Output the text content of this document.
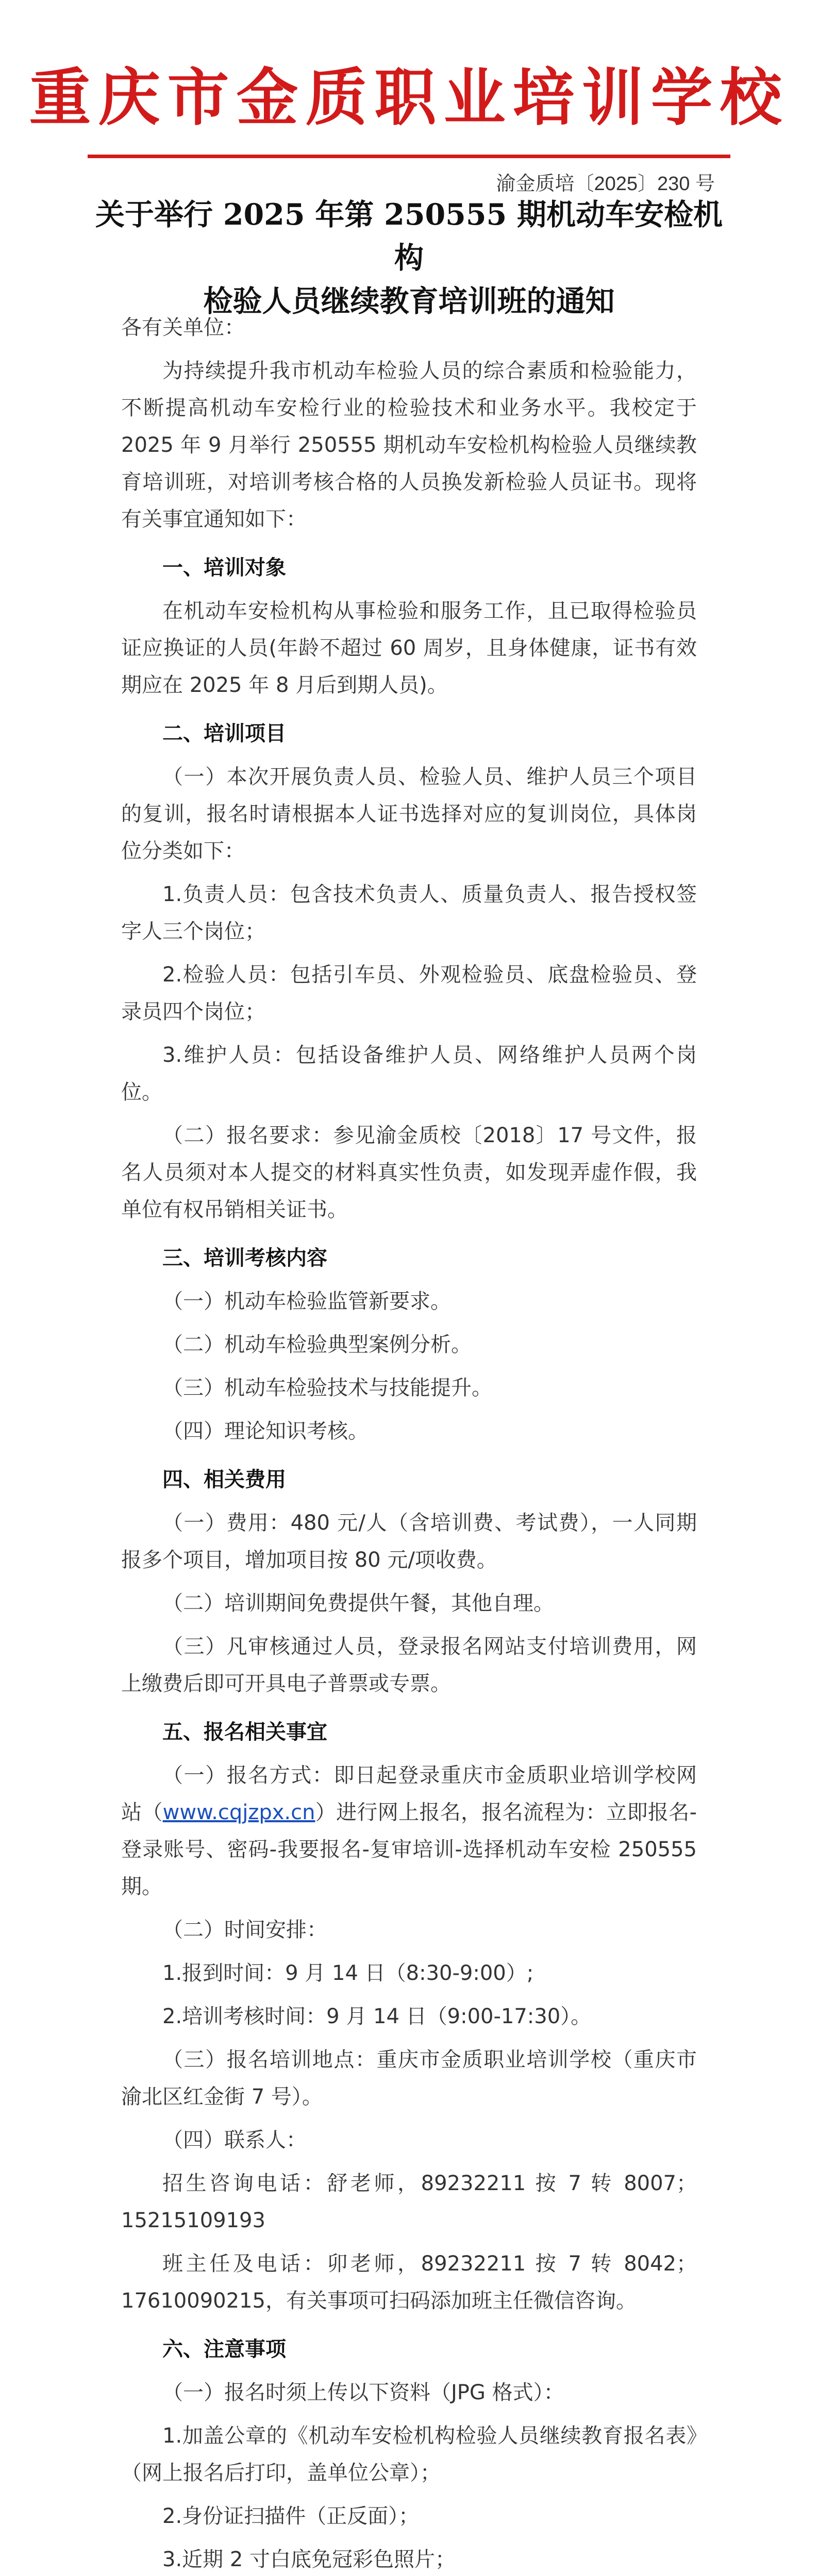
重庆市金质职业培训学校
渝金质培〔2025〕230 号
关于举行 2025 年第 250555 期机动车安检机构
检验人员继续教育培训班的通知

各有关单位：

为持续提升我市机动车检验人员的综合素质和检验能力，不断提高机动车安检行业的检验技术和业务水平。我校定于 2025 年 9 月举行 250555 期机动车安检机构检验人员继续教育培训班，对培训考核合格的人员换发新检验人员证书。现将有关事宜通知如下：

一、培训对象

在机动车安检机构从事检验和服务工作，且已取得检验员证应换证的人员(年龄不超过 60 周岁，且身体健康，证书有效期应在 2025 年 8 月后到期人员)。

二、培训项目

（一）本次开展负责人员、检验人员、维护人员三个项目的复训，报名时请根据本人证书选择对应的复训岗位，具体岗位分类如下：

1.负责人员：包含技术负责人、质量负责人、报告授权签字人三个岗位；

2.检验人员：包括引车员、外观检验员、底盘检验员、登录员四个岗位；

3.维护人员：包括设备维护人员、网络维护人员两个岗位。

（二）报名要求：参见渝金质校〔2018〕17 号文件，报名人员须对本人提交的材料真实性负责，如发现弄虚作假，我单位有权吊销相关证书。

三、培训考核内容

（一）机动车检验监管新要求。

（二）机动车检验典型案例分析。

（三）机动车检验技术与技能提升。

（四）理论知识考核。

四、相关费用

（一）费用：480 元/人（含培训费、考试费），一人同期报多个项目，增加项目按 80 元/项收费。

（二）培训期间免费提供午餐，其他自理。

（三）凡审核通过人员，登录报名网站支付培训费用，网上缴费后即可开具电子普票或专票。

五、报名相关事宜

（一）报名方式：即日起登录重庆市金质职业培训学校网站（www.cqjzpx.cn）进行网上报名，报名流程为：立即报名-登录账号、密码-我要报名-复审培训-选择机动车安检 250555 期。

（二）时间安排：

1.报到时间：9 月 14 日（8:30-9:00）;

2.培训考核时间：9 月 14 日（9:00-17:30）。

（三）报名培训地点：重庆市金质职业培训学校（重庆市渝北区红金街 7 号）。

（四）联系人：

招生咨询电话：舒老师，89232211 按 7 转 8007；15215109193

班主任及电话：卯老师，89232211 按 7 转 8042；17610090215，有关事项可扫码添加班主任微信咨询。

六、注意事项

（一）报名时须上传以下资料（JPG 格式）：

1.加盖公章的《机动车安检机构检验人员继续教育报名表》（网上报名后打印，盖单位公章）；

2.身份证扫描件（正反面）；

3.近期 2 寸白底免冠彩色照片；
